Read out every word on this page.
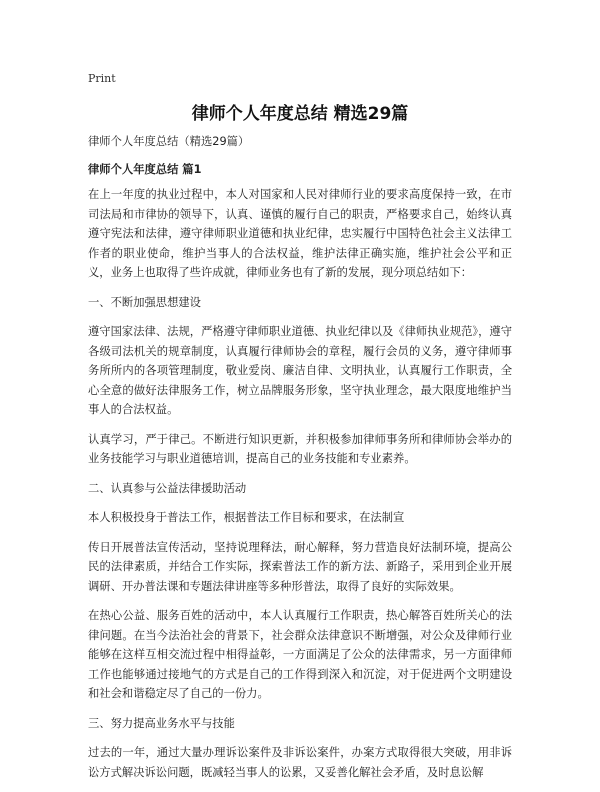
Print
律师个人年度总结 精选29篇
律师个人年度总结（精选29篇）
律师个人年度总结 篇1

在上一年度的执业过程中，本人对国家和人民对律师行业的要求高度保持一致，在市司法局和市律协的领导下，认真、谨慎的履行自己的职责，严格要求自己，始终认真遵守宪法和法律，遵守律师职业道德和执业纪律，忠实履行中国特色社会主义法律工作者的职业使命，维护当事人的合法权益，维护法律正确实施，维护社会公平和正义，业务上也取得了些许成就，律师业务也有了新的发展，现分项总结如下：

一、不断加强思想建设

遵守国家法律、法规，严格遵守律师职业道德、执业纪律以及《律师执业规范》，遵守各级司法机关的规章制度，认真履行律师协会的章程，履行会员的义务，遵守律师事务所所内的各项管理制度，敬业爱岗、廉洁自律、文明执业，认真履行工作职责，全心全意的做好法律服务工作，树立品牌服务形象，坚守执业理念，最大限度地维护当事人的合法权益。

认真学习，严于律己。不断进行知识更新，并积极参加律师事务所和律师协会举办的业务技能学习与职业道德培训，提高自己的业务技能和专业素养。

二、认真参与公益法律援助活动

本人积极投身于普法工作，根据普法工作目标和要求，在法制宣

传日开展普法宣传活动，坚持说理释法，耐心解释，努力营造良好法制环境，提高公民的法律素质，并结合工作实际，探索普法工作的新方法、新路子，采用到企业开展调研、开办普法课和专题法律讲座等多种形普法，取得了良好的实际效果。

在热心公益、服务百姓的活动中，本人认真履行工作职责，热心解答百姓所关心的法律问题。在当今法治社会的背景下，社会群众法律意识不断增强，对公众及律师行业能够在这样互相交流过程中相得益彰，一方面满足了公众的法律需求，另一方面律师工作也能够通过接地气的方式是自己的工作得到深入和沉淀，对于促进两个文明建设和社会和谐稳定尽了自己的一份力。

三、努力提高业务水平与技能

过去的一年，通过大量办理诉讼案件及非诉讼案件，办案方式取得很大突破，用非诉讼方式解决诉讼问题，既减轻当事人的讼累，又妥善化解社会矛盾，及时息讼解
